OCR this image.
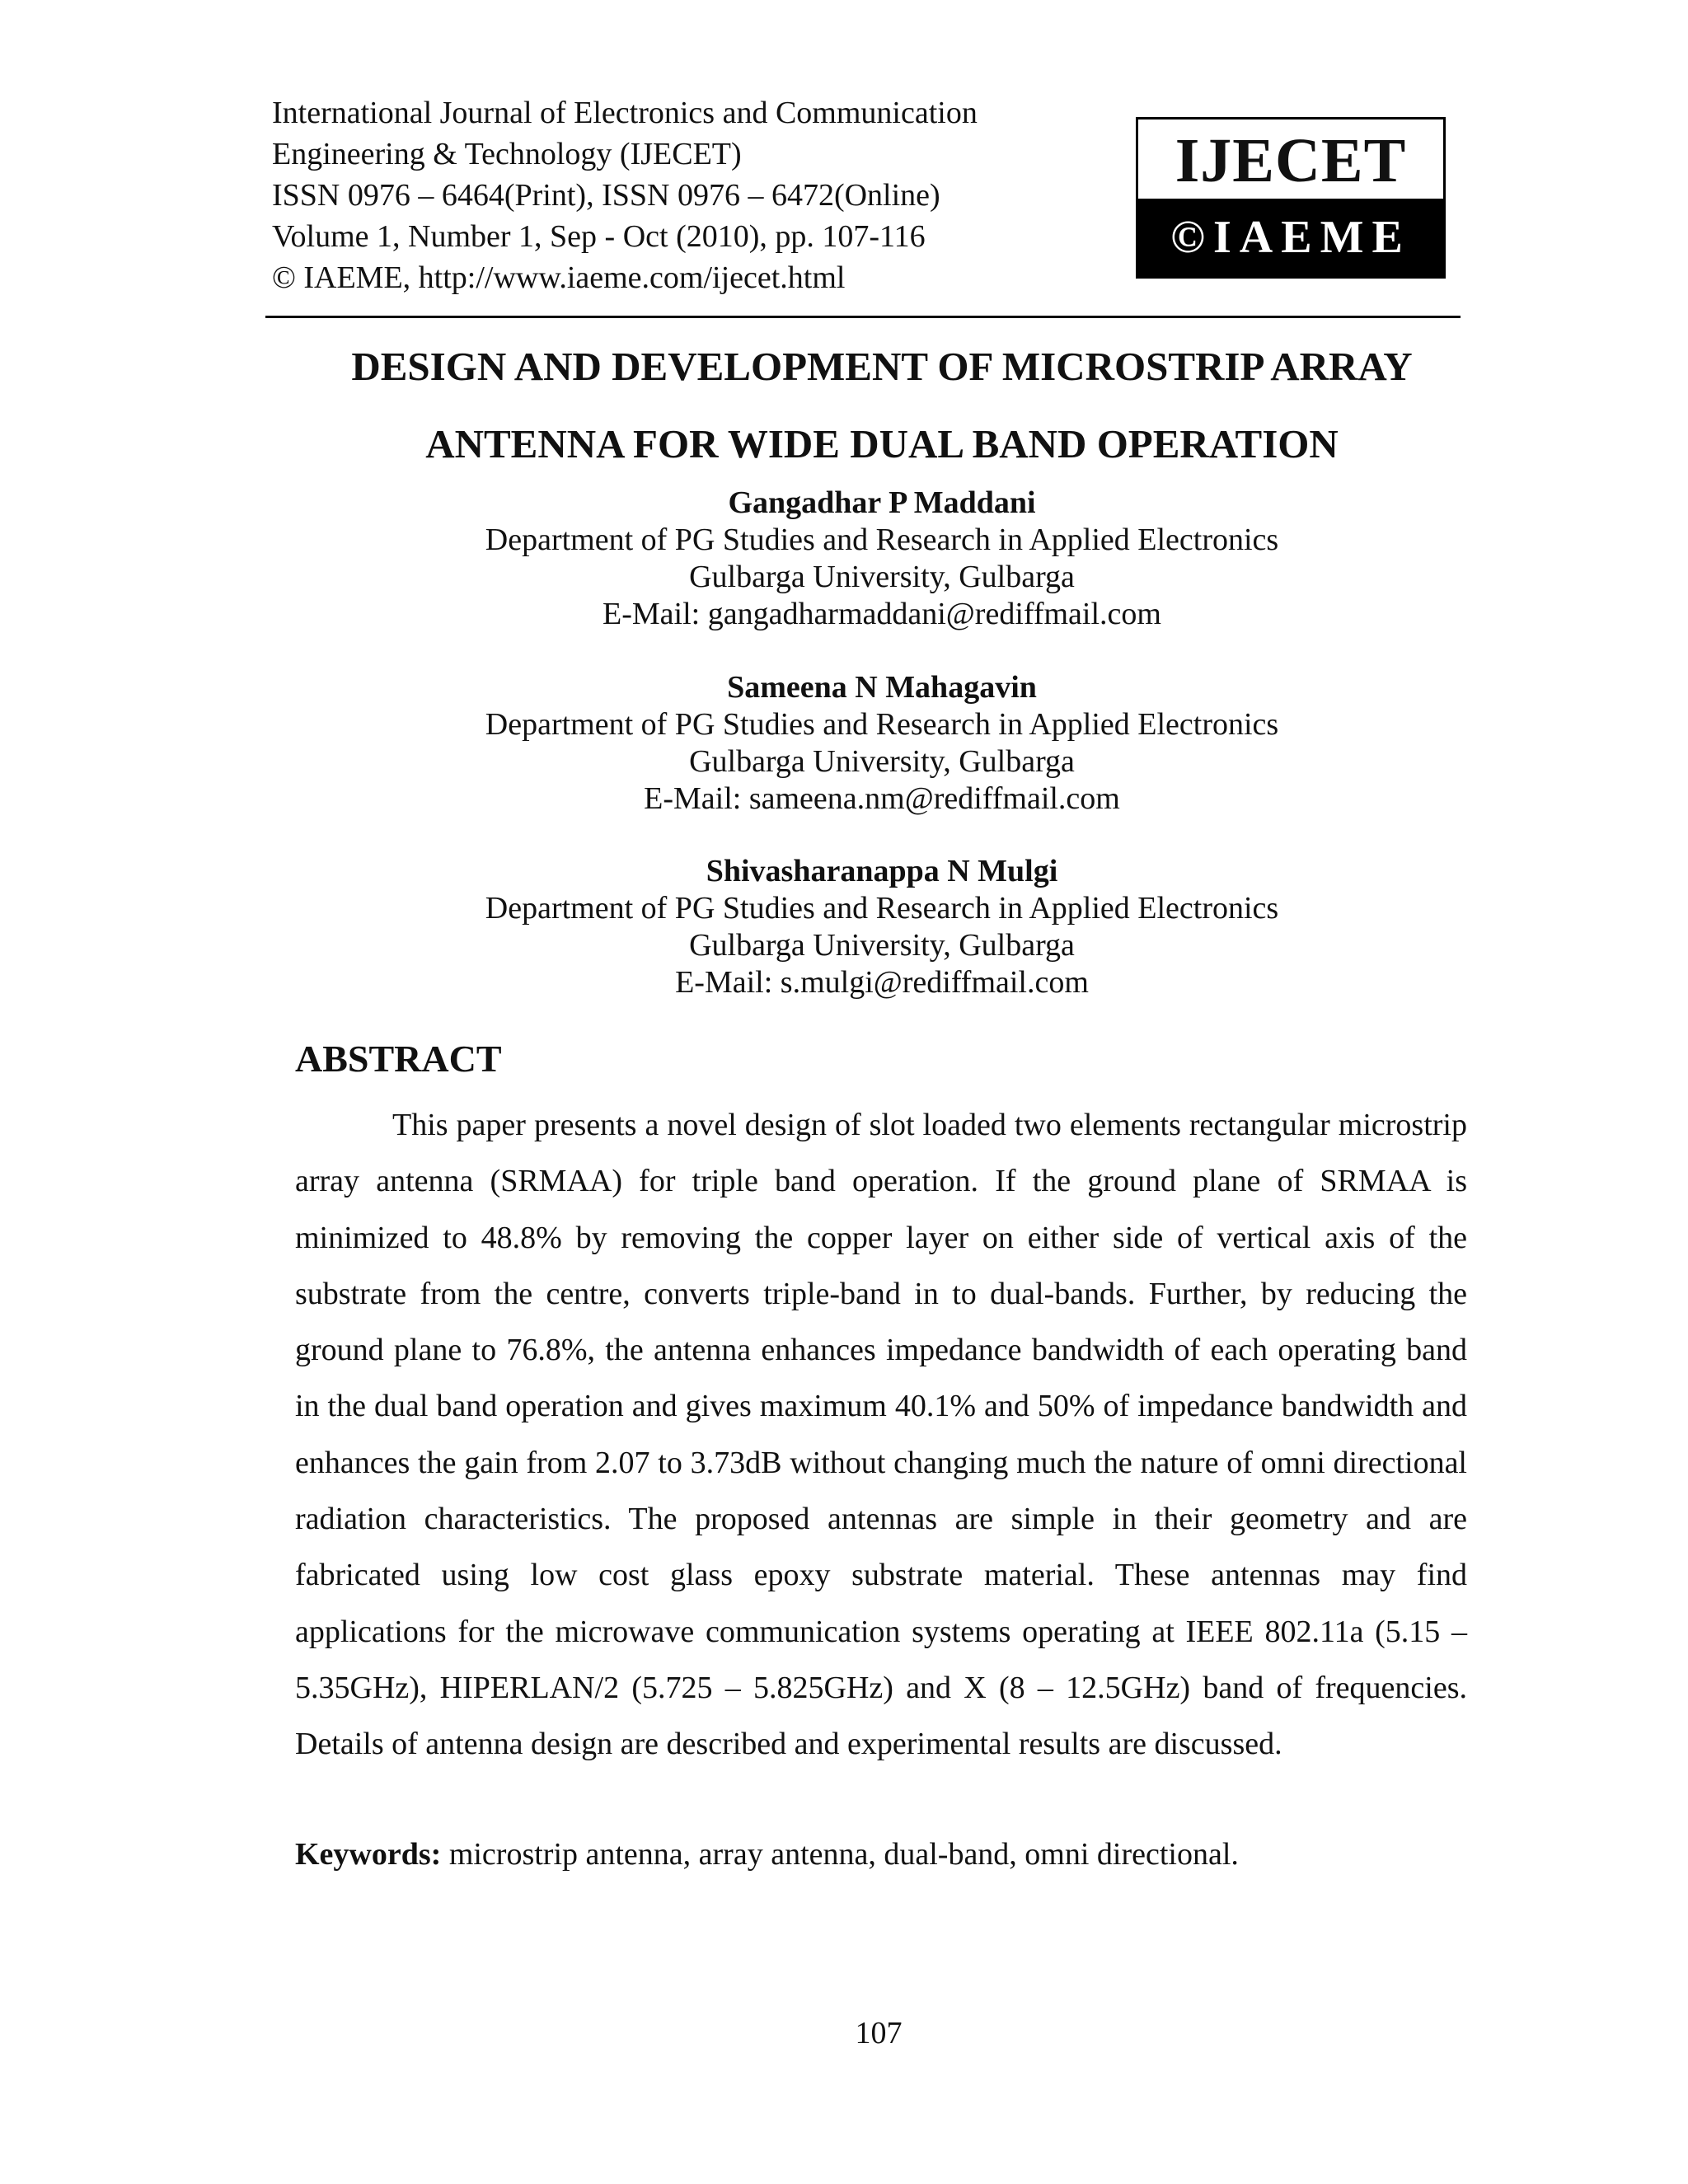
International Journal of Electronics and Communication
Engineering & Technology (IJECET)
ISSN 0976 – 6464(Print), ISSN 0976 – 6472(Online)
Volume 1, Number 1, Sep - Oct (2010), pp. 107-116
© IAEME, http://www.iaeme.com/ijecet.html
IJECET
©IAEME
DESIGN AND DEVELOPMENT OF MICROSTRIP ARRAY
ANTENNA FOR WIDE DUAL BAND OPERATION
Gangadhar P Maddani
Department of PG Studies and Research in Applied Electronics
Gulbarga University, Gulbarga
E-Mail: gangadharmaddani@rediffmail.com
Sameena N Mahagavin
Department of PG Studies and Research in Applied Electronics
Gulbarga University, Gulbarga
E-Mail: sameena.nm@rediffmail.com
Shivasharanappa N Mulgi
Department of PG Studies and Research in Applied Electronics
Gulbarga University, Gulbarga
E-Mail: s.mulgi@rediffmail.com
ABSTRACT
This paper presents a novel design of slot loaded two elements rectangular microstrip array antenna (SRMAA) for triple band operation. If the ground plane of SRMAA is minimized to 48.8% by removing the copper layer on either side of vertical axis of the substrate from the centre, converts triple-band in to dual-bands. Further, by reducing the ground plane to 76.8%, the antenna enhances impedance bandwidth of each operating band in the dual band operation and gives maximum 40.1% and 50% of impedance bandwidth and enhances the gain from 2.07 to 3.73dB without changing much the nature of omni directional radiation characteristics. The proposed antennas are simple in their geometry and are fabricated using low cost glass epoxy substrate material. These antennas may find applications for the microwave communication systems operating at IEEE 802.11a (5.15 – 5.35GHz), HIPERLAN/2 (5.725 – 5.825GHz) and X (8 – 12.5GHz) band of frequencies. Details of antenna design are described and experimental results are discussed.
Keywords: microstrip antenna, array antenna, dual-band, omni directional.
107
